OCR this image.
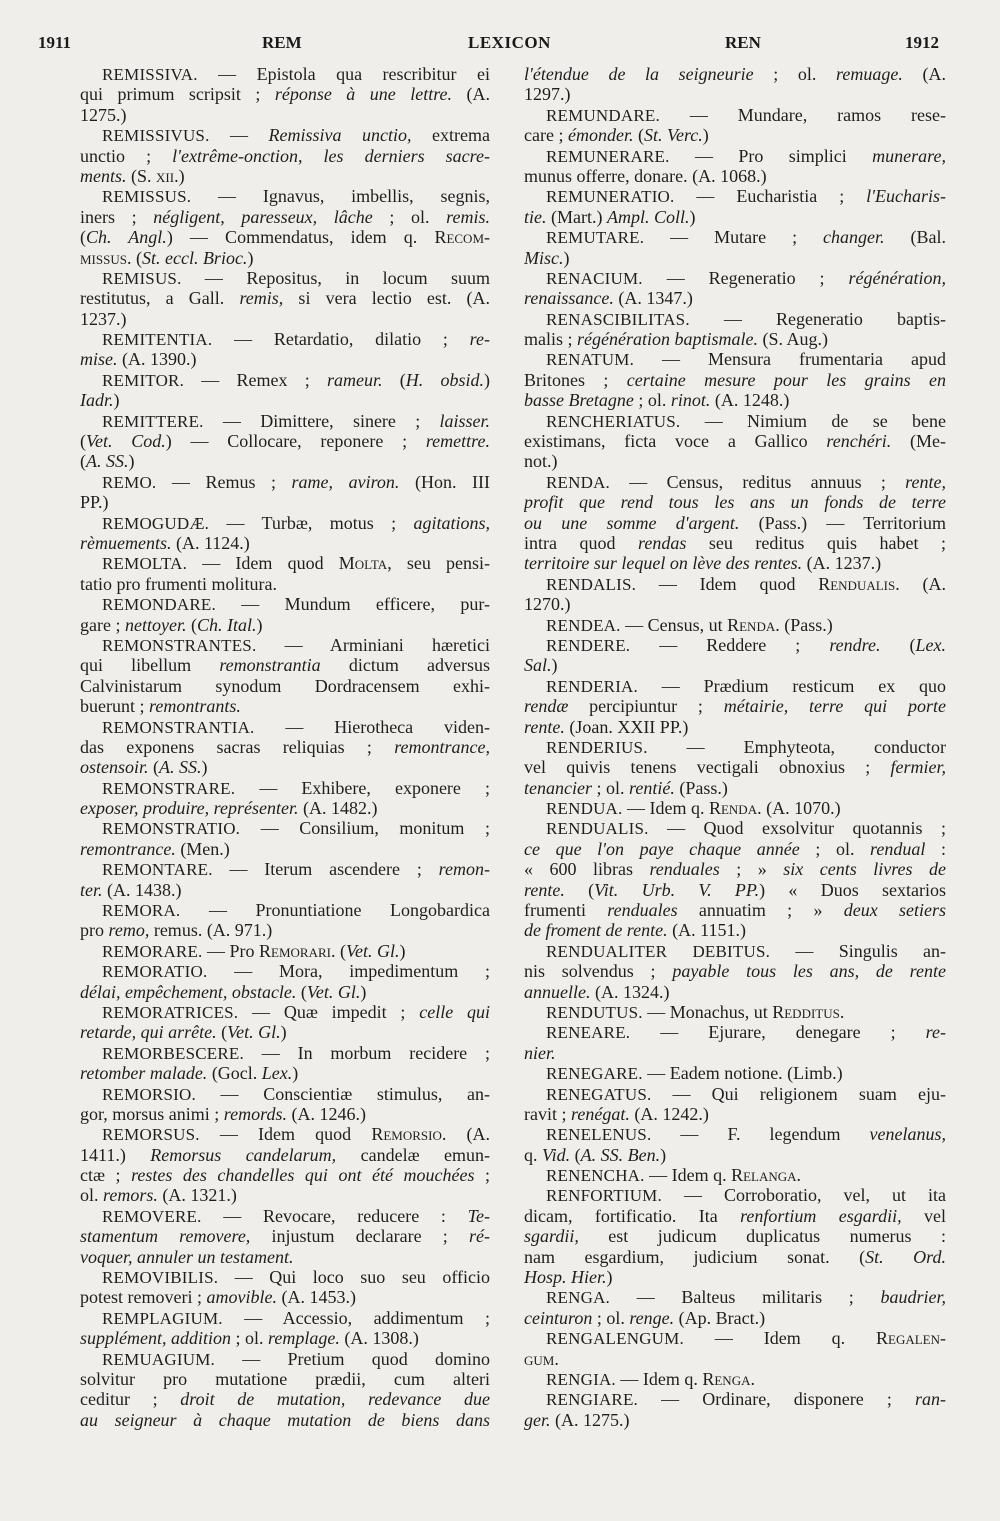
1911	REM	LEXICON	REN	1912
REMISSIVA. — Epistola qua rescribitur ei
qui primum scripsit ; réponse à une lettre. (A.
1275.)
REMISSIVUS. — Remissiva unctio, extrema
unctio ; l'extrême-onction, les derniers sacre-
ments. (S. xii.)
REMISSUS. — Ignavus, imbellis, segnis,
iners ; négligent, paresseux, lâche ; ol. remis.
(Ch. Angl.) — Commendatus, idem q. Recom-
missus. (St. eccl. Brioc.)
REMISUS. — Repositus, in locum suum
restitutus, a Gall. remis, si vera lectio est. (A.
1237.)
REMITENTIA. — Retardatio, dilatio ; re-
mise. (A. 1390.)
REMITOR. — Remex ; rameur. (H. obsid.)
Iadr.)
REMITTERE. — Dimittere, sinere ; laisser.
(Vet. Cod.) — Collocare, reponere ; remettre.
(A. SS.)
REMO. — Remus ; rame, aviron. (Hon. III
PP.)
REMOGUDÆ. — Turbæ, motus ; agitations,
rèmuements. (A. 1124.)
REMOLTA. — Idem quod Molta, seu pensi-
tatio pro frumenti molitura.
REMONDARE. — Mundum efficere, pur-
gare ; nettoyer. (Ch. Ital.)
REMONSTRANTES. — Arminiani hæretici
qui libellum remonstrantia dictum adversus
Calvinistarum synodum Dordracensem exhi-
buerunt ; remontrants.
REMONSTRANTIA. — Hierotheca viden-
das exponens sacras reliquias ; remontrance,
ostensoir. (A. SS.)
REMONSTRARE. — Exhibere, exponere ;
exposer, produire, représenter. (A. 1482.)
REMONSTRATIO. — Consilium, monitum ;
remontrance. (Men.)
REMONTARE. — Iterum ascendere ; remon-
ter. (A. 1438.)
REMORA. — Pronuntiatione Longobardica
pro remo, remus. (A. 971.)
REMORARE. — Pro Remorari. (Vet. Gl.)
REMORATIO. — Mora, impedimentum ;
délai, empêchement, obstacle. (Vet. Gl.)
REMORATRICES. — Quæ impedit ; celle qui
retarde, qui arrête. (Vet. Gl.)
REMORBESCERE. — In morbum recidere ;
retomber malade. (Gocl. Lex.)
REMORSIO. — Conscientiæ stimulus, an-
gor, morsus animi ; remords. (A. 1246.)
REMORSUS. — Idem quod Remorsio. (A.
1411.) Remorsus candelarum, candelæ emun-
ctæ ; restes des chandelles qui ont été mouchées ;
ol. remors. (A. 1321.)
REMOVERE. — Revocare, reducere : Te-
stamentum removere, injustum declarare ; ré-
voquer, annuler un testament.
REMOVIBILIS. — Qui loco suo seu officio
potest removeri ; amovible. (A. 1453.)
REMPLAGIUM. — Accessio, addimentum ;
supplément, addition ; ol. remplage. (A. 1308.)
REMUAGIUM. — Pretium quod domino
solvitur pro mutatione prædii, cum alteri
ceditur ; droit de mutation, redevance due
au seigneur à chaque mutation de biens dans
l'étendue de la seigneurie ; ol. remuage. (A.
1297.)
REMUNDARE. — Mundare, ramos rese-
care ; émonder. (St. Verc.)
REMUNERARE. — Pro simplici munerare,
munus offerre, donare. (A. 1068.)
REMUNERATIO. — Eucharistia ; l'Eucharis-
tie. (Mart.) Ampl. Coll.)
REMUTARE. — Mutare ; changer. (Bal.
Misc.)
RENACIUM. — Regeneratio ; régénération,
renaissance. (A. 1347.)
RENASCIBILITAS. — Regeneratio baptis-
malis ; régénération baptismale. (S. Aug.)
RENATUM. — Mensura frumentaria apud
Britones ; certaine mesure pour les grains en
basse Bretagne ; ol. rinot. (A. 1248.)
RENCHERIATUS. — Nimium de se bene
existimans, ficta voce a Gallico renchéri. (Me-
not.)
RENDA. — Census, reditus annuus ; rente,
profit que rend tous les ans un fonds de terre
ou une somme d'argent. (Pass.) — Territorium
intra quod rendas seu reditus quis habet ;
territoire sur lequel on lève des rentes. (A. 1237.)
RENDALIS. — Idem quod Rendualis. (A.
1270.)
RENDEA. — Census, ut Renda. (Pass.)
RENDERE. — Reddere ; rendre. (Lex.
Sal.)
RENDERIA. — Prædium resticum ex quo
rendæ percipiuntur ; métairie, terre qui porte
rente. (Joan. XXII PP.)
RENDERIUS. — Emphyteota, conductor
vel quivis tenens vectigali obnoxius ; fermier,
tenancier ; ol. rentié. (Pass.)
RENDUA. — Idem q. Renda. (A. 1070.)
RENDUALIS. — Quod exsolvitur quotannis ;
ce que l'on paye chaque année ; ol. rendual :
« 600 libras renduales ; » six cents livres de
rente. (Vit. Urb. V. PP.) « Duos sextarios
frumenti renduales annuatim ; » deux setiers
de froment de rente. (A. 1151.)
RENDUALITER DEBITUS. — Singulis an-
nis solvendus ; payable tous les ans, de rente
annuelle. (A. 1324.)
RENDUTUS. — Monachus, ut Redditus.
RENEARE. — Ejurare, denegare ; re-
nier.
RENEGARE. — Eadem notione. (Limb.)
RENEGATUS. — Qui religionem suam eju-
ravit ; renégat. (A. 1242.)
RENELENUS. — F. legendum venelanus,
q. Vid. (A. SS. Ben.)
RENENCHA. — Idem q. Relanga.
RENFORTIUM. — Corroboratio, vel, ut ita
dicam, fortificatio. Ita renfortium esgardii, vel
sgardii, est judicum duplicatus numerus :
nam esgardium, judicium sonat. (St. Ord.
Hosp. Hier.)
RENGA. — Balteus militaris ; baudrier,
ceinturon ; ol. renge. (Ap. Bract.)
RENGALENGUM. — Idem q. Regalen-
gum.
RENGIA. — Idem q. Renga.
RENGIARE. — Ordinare, disponere ; ran-
ger. (A. 1275.)
